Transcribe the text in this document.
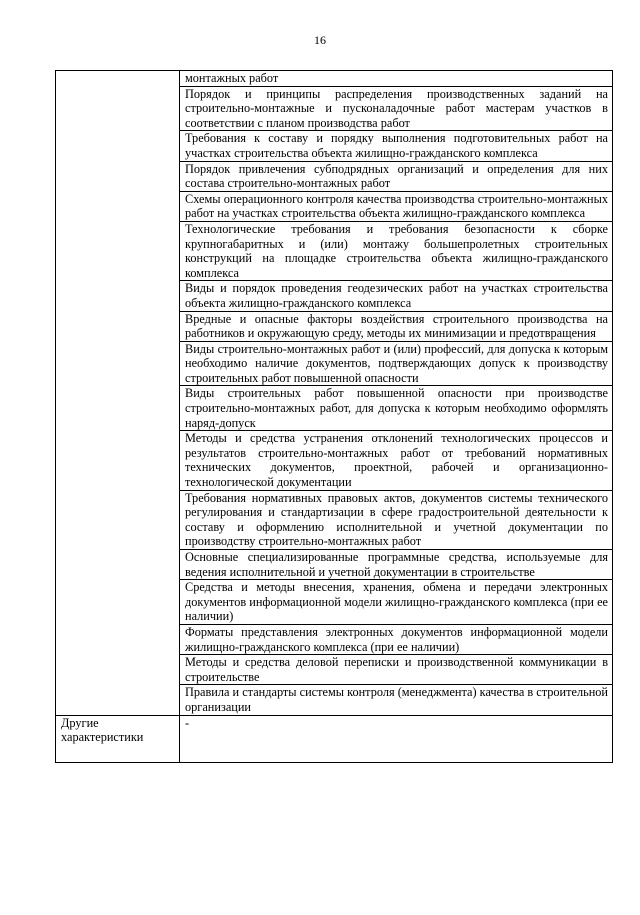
16
	монтажных работ
	Порядок и принципы распределения производственных заданий на строительно-монтажные и пусконаладочные работ мастерам участков в соответствии с планом производства работ
	Требования к составу и порядку выполнения подготовительных работ на участках строительства объекта жилищно-гражданского комплекса
	Порядок привлечения субподрядных организаций и определения для них состава строительно-монтажных работ
	Схемы операционного контроля качества производства строительно-монтажных работ на участках строительства объекта жилищно-гражданского комплекса
	Технологические требования и требования безопасности к сборке крупногабаритных и (или) монтажу большепролетных строительных конструкций на площадке строительства объекта жилищно-гражданского комплекса
	Виды и порядок проведения геодезических работ на участках строительства объекта жилищно-гражданского комплекса
	Вредные и опасные факторы воздействия строительного производства на работников и окружающую среду, методы их минимизации и предотвращения
	Виды строительно-монтажных работ и (или) профессий, для допуска к которым необходимо наличие документов, подтверждающих допуск к производству строительных работ повышенной опасности
	Виды строительных работ повышенной опасности при производстве строительно-монтажных работ, для допуска к которым необходимо оформлять наряд-допуск
	Методы и средства устранения отклонений технологических процессов и результатов строительно-монтажных работ от требований нормативных технических документов, проектной, рабочей и организационно-технологической документации
	Требования нормативных правовых актов, документов системы технического регулирования и стандартизации в сфере градостроительной деятельности к составу и оформлению исполнительной и учетной документации по производству строительно-монтажных работ
	Основные специализированные программные средства, используемые для ведения исполнительной и учетной документации в строительстве
	Средства и методы внесения, хранения, обмена и передачи электронных документов информационной модели жилищно-гражданского комплекса (при ее наличии)
	Форматы представления электронных документов информационной модели жилищно-гражданского комплекса (при ее наличии)
	Методы и средства деловой переписки и производственной коммуникации в строительстве
	Правила и стандарты системы контроля (менеджмента) качества в строительной организации
Другие характеристики	-
